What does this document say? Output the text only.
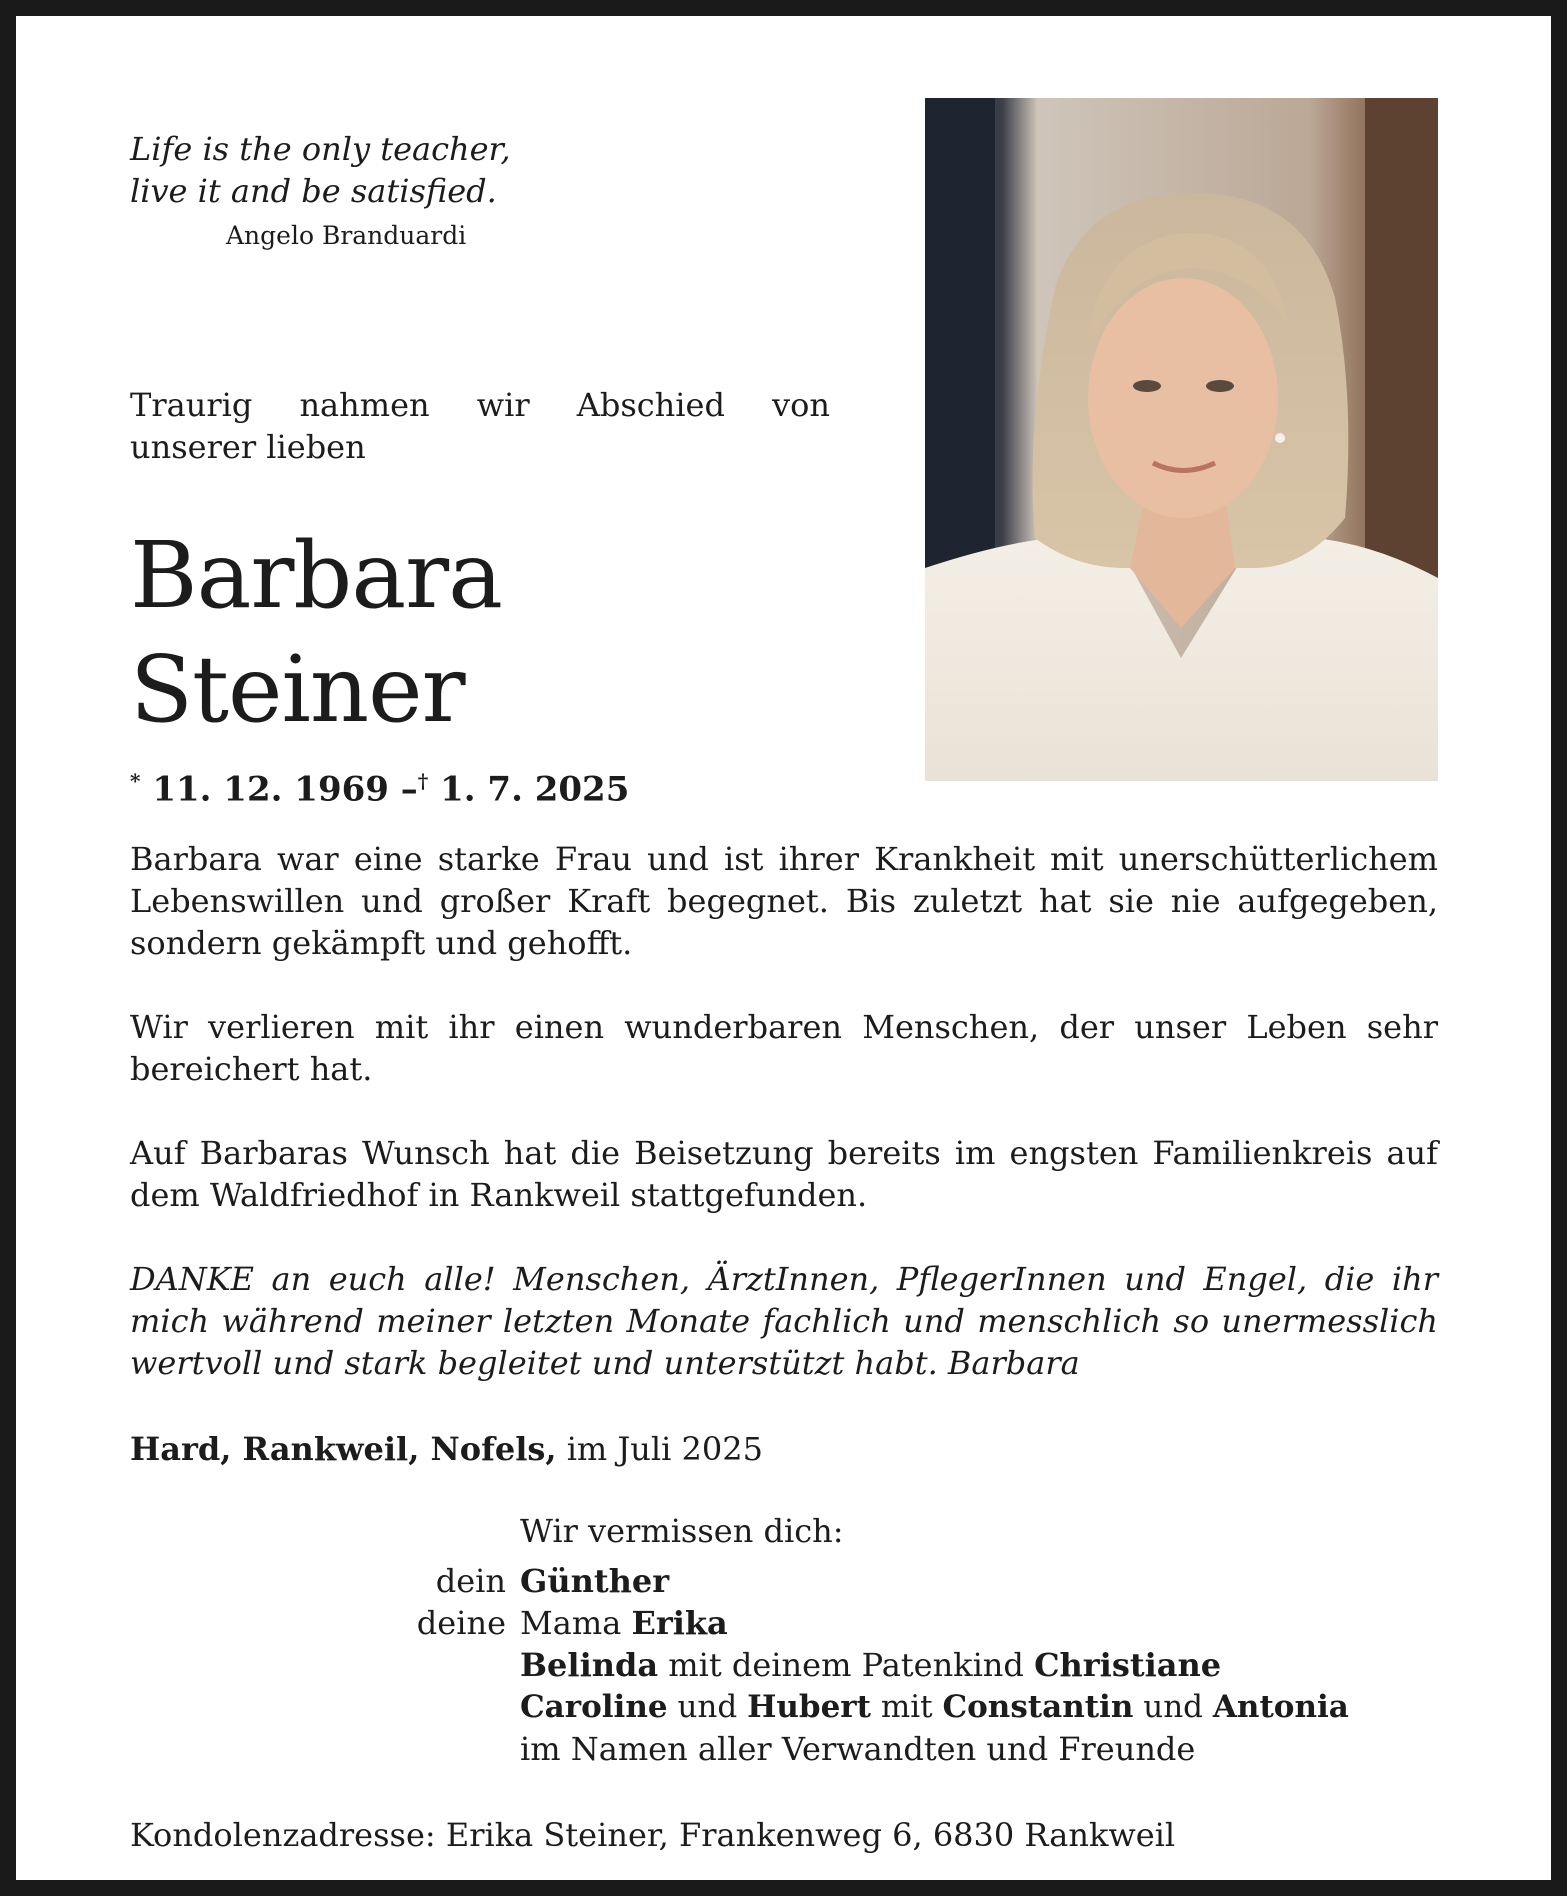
Life is the only teacher,
live it and be satisfied.
Angelo Branduardi
Traurig nahmen wir Abschied von
unserer lieben
Barbara
Steiner
* 11. 12. 1969 –† 1. 7. 2025

Barbara war eine starke Frau und ist ihrer Krankheit mit unerschütterlichem Lebenswillen und großer Kraft begegnet. Bis zuletzt hat sie nie aufgegeben, sondern gekämpft und gehofft.

Wir verlieren mit ihr einen wunderbaren Menschen, der unser Leben sehr bereichert hat.

Auf Barbaras Wunsch hat die Beisetzung bereits im engsten Familienkreis auf dem Waldfriedhof in Rankweil stattgefunden.

DANKE an euch alle! Menschen, ÄrztInnen, PflegerInnen und Engel, die ihr mich während meiner letzten Monate fachlich und menschlich so unermesslich wertvoll und stark begleitet und unterstützt habt. Barbara

Hard, Rankweil, Nofels, im Juli 2025
Wir vermissen dich:
dein Günther
deine Mama Erika
Belinda mit deinem Patenkind Christiane
Caroline und Hubert mit Constantin und Antonia
im Namen aller Verwandten und Freunde
Kondolenzadresse: Erika Steiner, Frankenweg 6, 6830 Rankweil
